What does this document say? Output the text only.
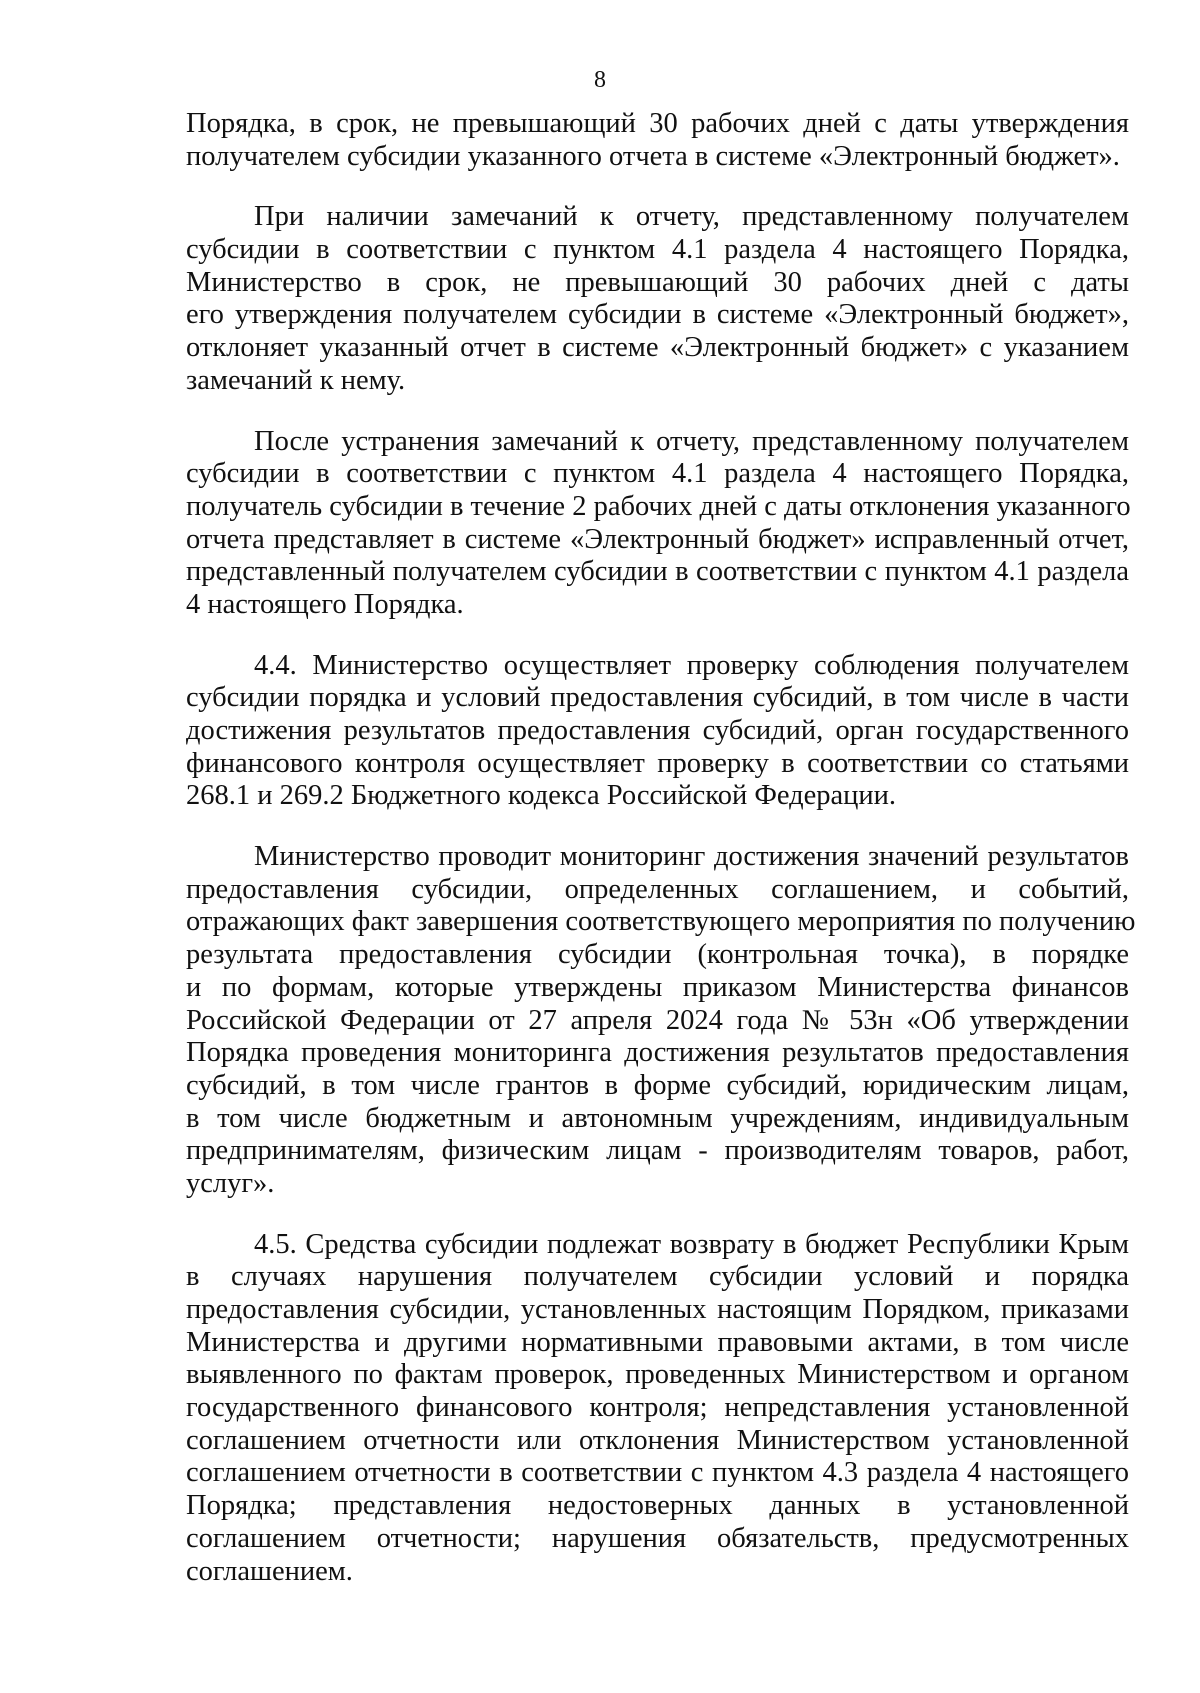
8
Порядка, в срок, не превышающий 30 рабочих дней с даты утверждения
получателем субсидии указанного отчета в системе «Электронный бюджет».
При наличии замечаний к отчету, представленному получателем
субсидии в соответствии с пунктом 4.1 раздела 4 настоящего Порядка,
Министерство в срок, не превышающий 30 рабочих дней с даты
его утверждения получателем субсидии в системе «Электронный бюджет»,
отклоняет указанный отчет в системе «Электронный бюджет» с указанием
замечаний к нему.
После устранения замечаний к отчету, представленному получателем
субсидии в соответствии с пунктом 4.1 раздела 4 настоящего Порядка,
получатель субсидии в течение 2 рабочих дней с даты отклонения указанного
отчета представляет в системе «Электронный бюджет» исправленный отчет,
представленный получателем субсидии в соответствии с пунктом 4.1 раздела
4 настоящего Порядка.
4.4. Министерство осуществляет проверку соблюдения получателем
субсидии порядка и условий предоставления субсидий, в том числе в части
достижения результатов предоставления субсидий, орган государственного
финансового контроля осуществляет проверку в соответствии со статьями
268.1 и 269.2 Бюджетного кодекса Российской Федерации.
Министерство проводит мониторинг достижения значений результатов
предоставления субсидии, определенных соглашением, и событий,
отражающих факт завершения соответствующего мероприятия по получению
результата предоставления субсидии (контрольная точка), в порядке
и по формам, которые утверждены приказом Министерства финансов
Российской Федерации от 27 апреля 2024 года № 53н «Об утверждении
Порядка проведения мониторинга достижения результатов предоставления
субсидий, в том числе грантов в форме субсидий, юридическим лицам,
в том числе бюджетным и автономным учреждениям, индивидуальным
предпринимателям, физическим лицам - производителям товаров, работ,
услуг».
4.5. Средства субсидии подлежат возврату в бюджет Республики Крым
в случаях нарушения получателем субсидии условий и порядка
предоставления субсидии, установленных настоящим Порядком, приказами
Министерства и другими нормативными правовыми актами, в том числе
выявленного по фактам проверок, проведенных Министерством и органом
государственного финансового контроля; непредставления установленной
соглашением отчетности или отклонения Министерством установленной
соглашением отчетности в соответствии с пунктом 4.3 раздела 4 настоящего
Порядка; представления недостоверных данных в установленной
соглашением отчетности; нарушения обязательств, предусмотренных
соглашением.
